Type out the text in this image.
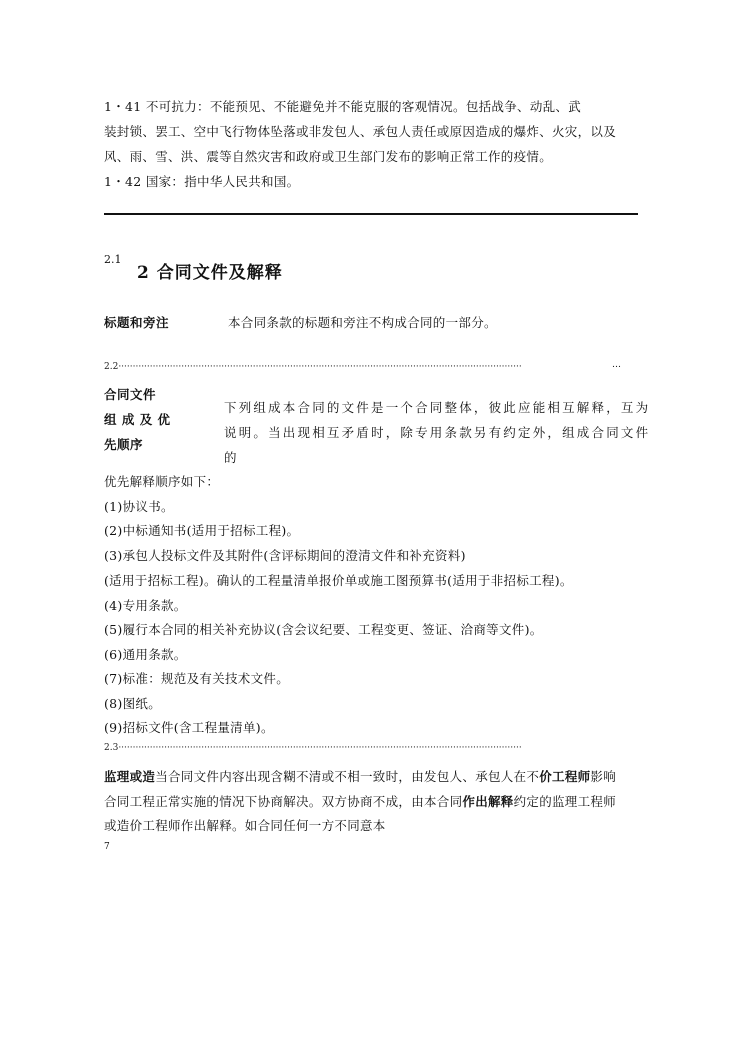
1・41 不可抗力：不能预见、不能避免并不能克服的客观情况。包括战争、动乱、武
装封锁、罢工、空中飞行物体坠落或非发包人、承包人责任或原因造成的爆炸、火灾，以及
风、雨、雪、洪、震等自然灾害和政府或卫生部门发布的影响正常工作的疫情。
1・42 国家：指中华人民共和国。
2.1
2 合同文件及解释
标题和旁注	本合同条款的标题和旁注不构成合同的一部分。
2.2·············································································································································	…
合同文件
组 成 及 优
先顺序
下列组成本合同的文件是一个合同整体，彼此应能相互解释，互为
说明。当出现相互矛盾时，除专用条款另有约定外，组成合同文件
的
优先解释顺序如下：
(1)协议书。
(2)中标通知书(适用于招标工程)。
(3)承包人投标文件及其附件(含评标期间的澄清文件和补充资料)
(适用于招标工程)。确认的工程量清单报价单或施工图预算书(适用于非招标工程)。
(4)专用条款。
(5)履行本合同的相关补充协议(含会议纪要、工程变更、签证、洽商等文件)。
(6)通用条款。
(7)标准：规范及有关技术文件。
(8)图纸。
(9)招标文件(含工程量清单)。
2.3·············································································································································
监理或造当合同文件内容出现含糊不清或不相一致时，由发包人、承包人在不价工程师影响
合同工程正常实施的情况下协商解决。双方协商不成，由本合同作出解释约定的监理工程师
或造价工程师作出解释。如合同任何一方不同意本
7
